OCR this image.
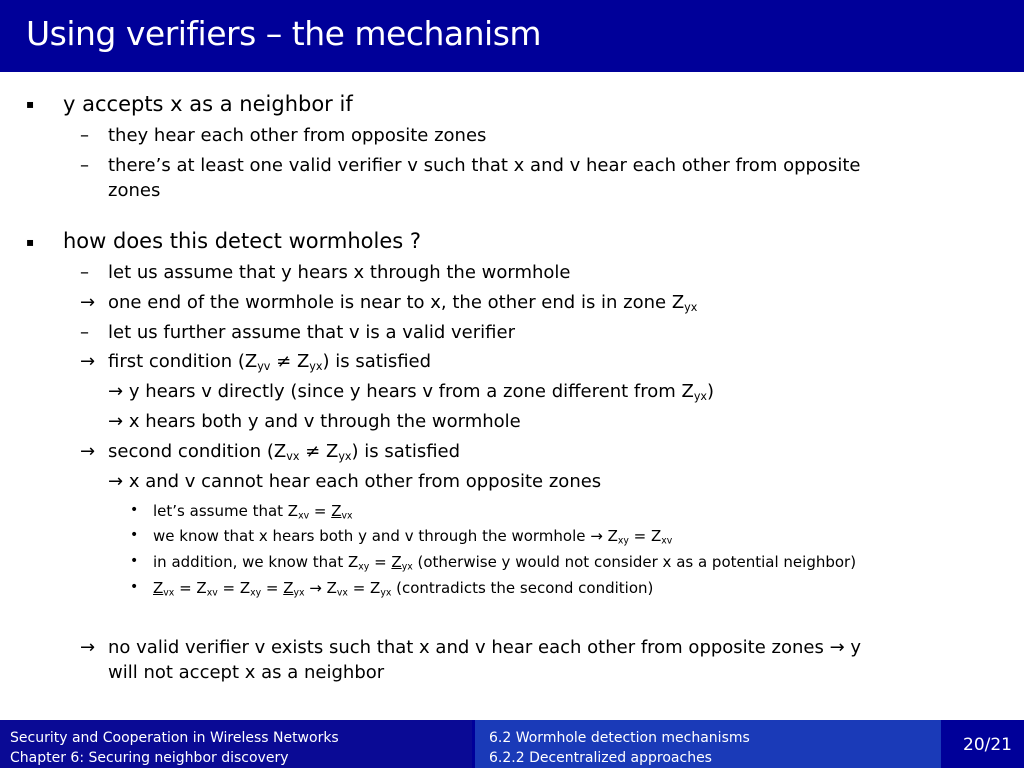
Using verifiers – the mechanism
▪ y accepts x as a neighbor if
– they hear each other from opposite zones
– there’s at least one valid verifier v such that x and v hear each other from opposite
zones
▪ how does this detect wormholes ?
– let us assume that y hears x through the wormhole
→ one end of the wormhole is near to x, the other end is in zone $Z_{yx}$
– let us further assume that v is a valid verifier
→ first condition $(Z_{yv} \ne Z_{yx})$ is satisfied
→ y hears v directly (since y hears v from a zone different from $Z_{yx}$)
→ x hears both y and v through the wormhole
→ second condition $(Z_{vx} \ne Z_{yx})$ is satisfied
→ x and v cannot hear each other from opposite zones
• let’s assume that $Z_{xv} = Z_{vx}$
• we know that x hears both y and v through the wormhole → $Z_{xy} = Z_{xv}$
• in addition, we know that $Z_{xy} = Z_{yx}$ (otherwise y would not consider x as a potential neighbor)
• $Z_{vx} = Z_{xv} = Z_{xy} = Z_{yx} \to Z_{vx} = Z_{yx}$ (contradicts the second condition)
→ no valid verifier v exists such that x and v hear each other from opposite zones → y
will not accept x as a neighbor
Security and Cooperation in Wireless Networks
Chapter 6: Securing neighbor discovery
6.2 Wormhole detection mechanisms
6.2.2 Decentralized approaches
20/21
